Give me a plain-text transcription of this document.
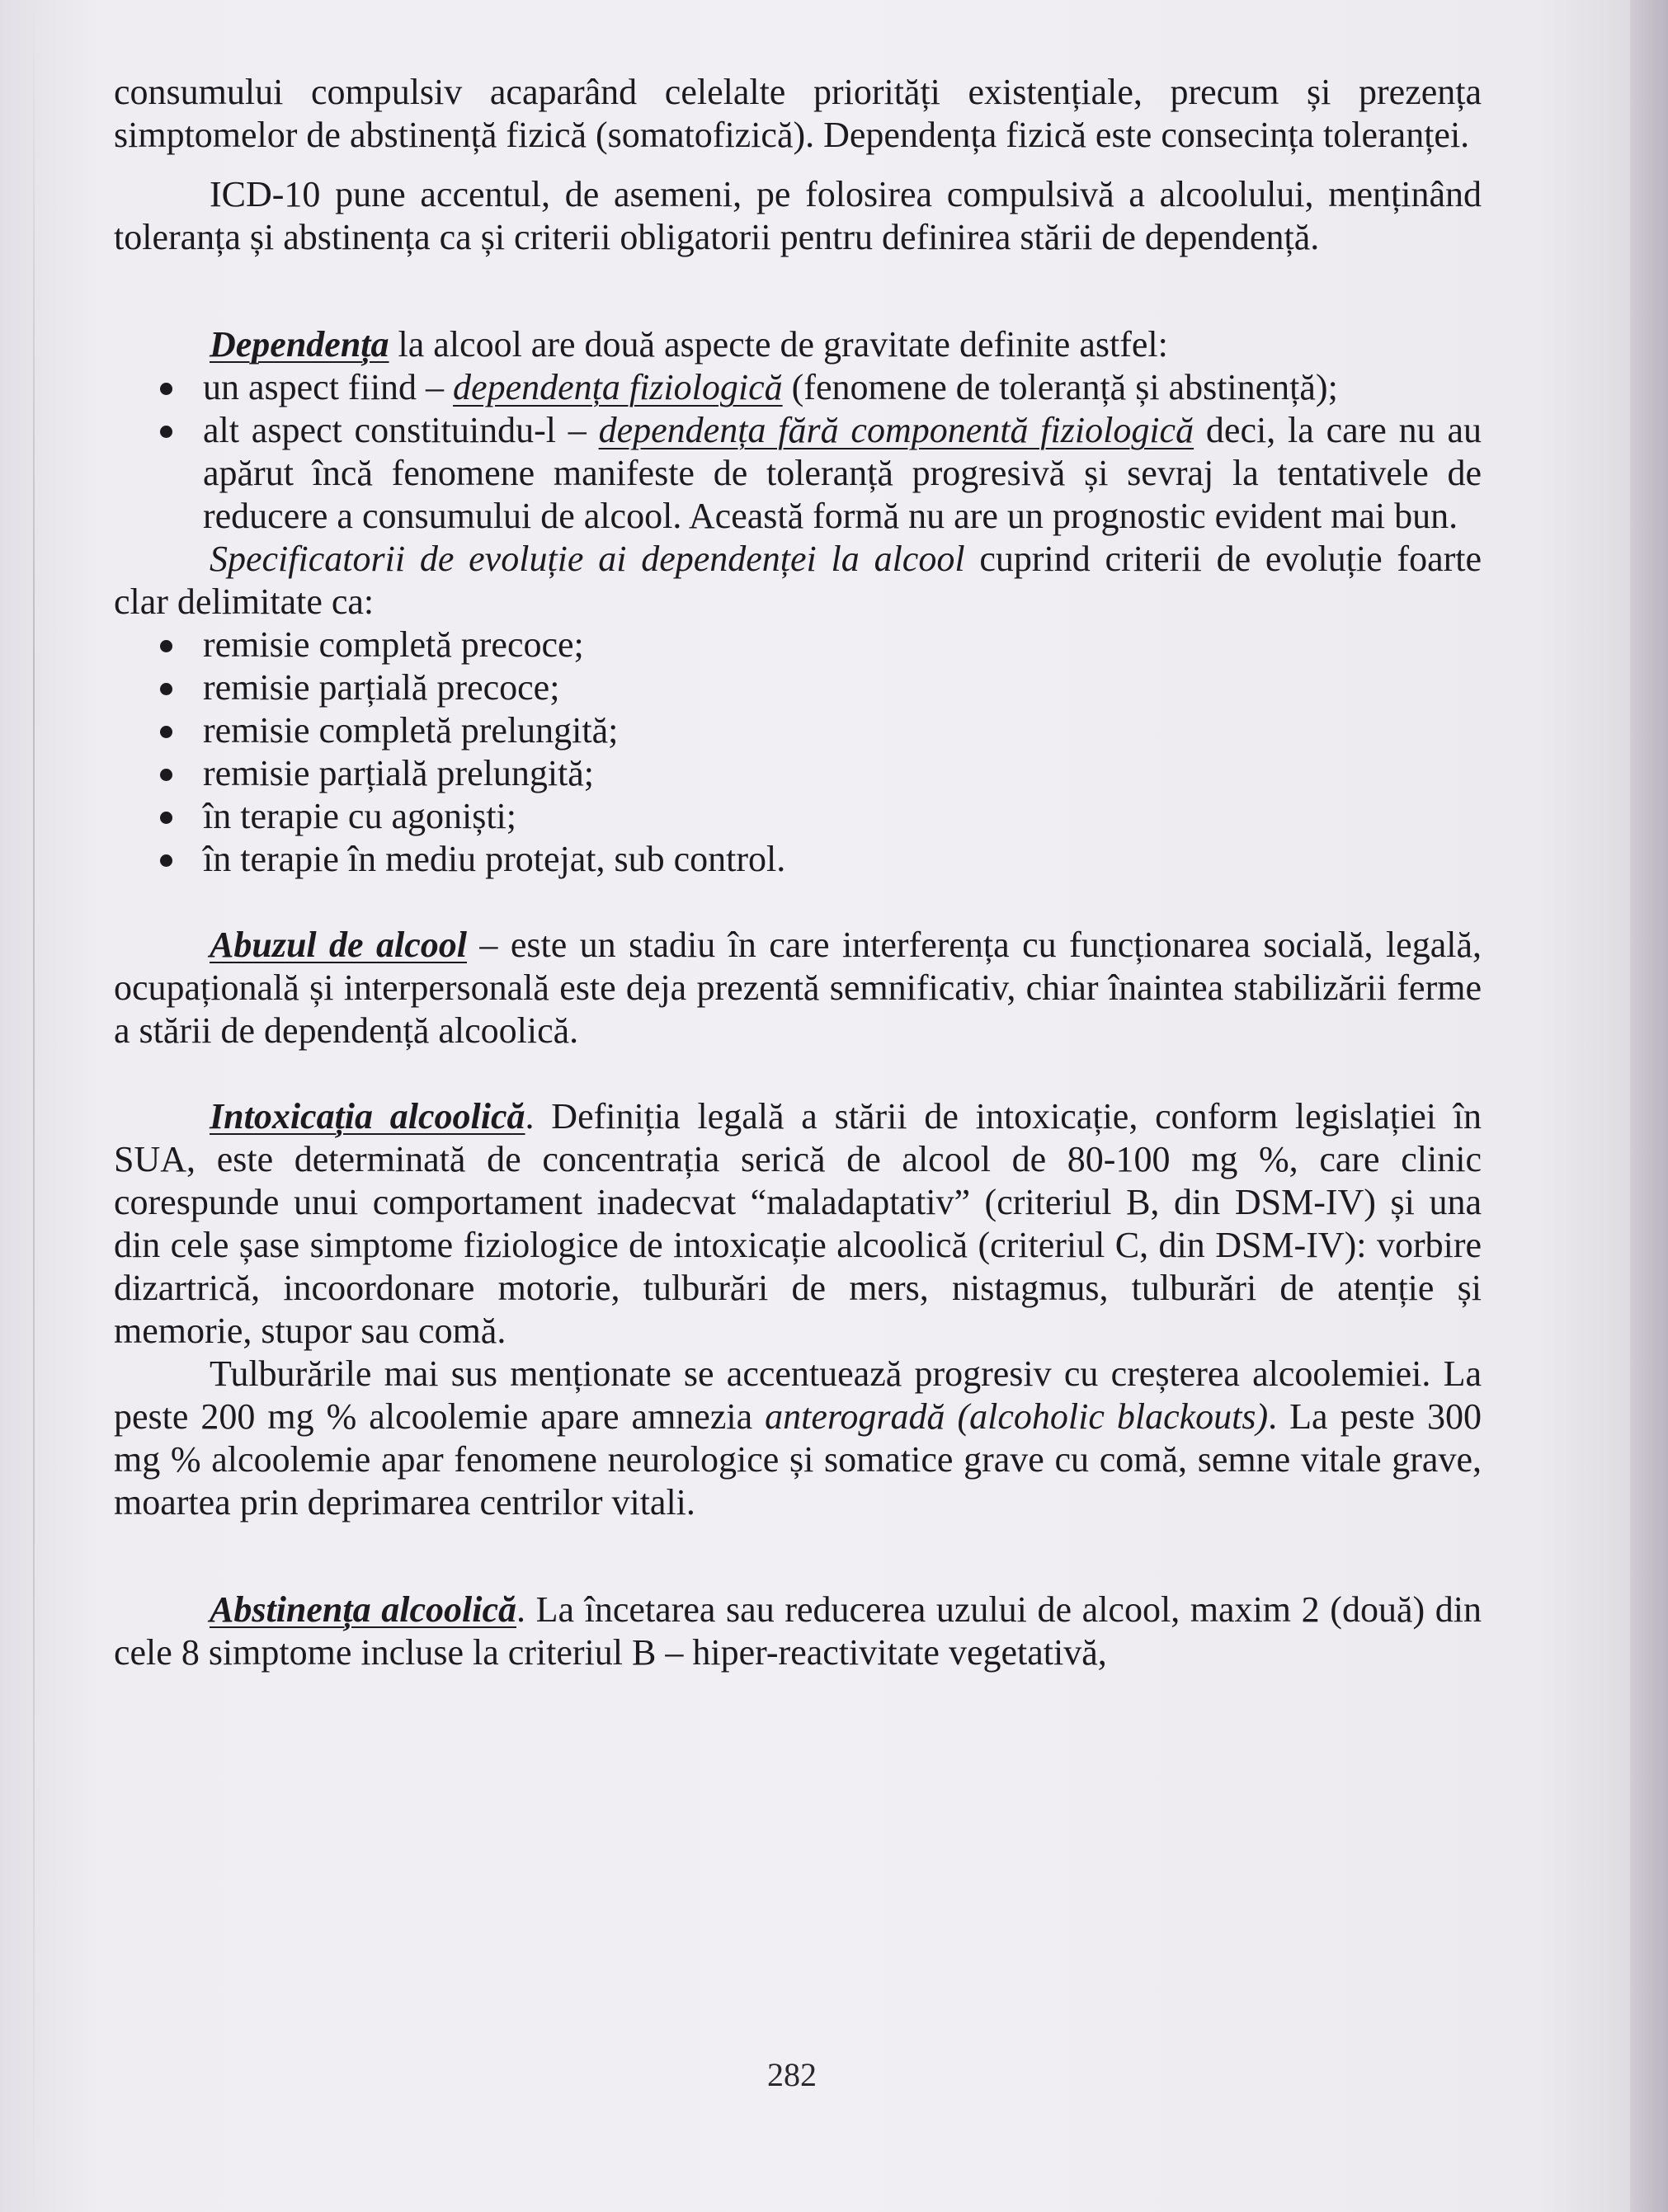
consumului compulsiv acaparând celelalte priorități existențiale, precum și prezența simptomelor de abstinență fizică (somatofizică). Dependența fizică este consecința toleranței.

ICD-10 pune accentul, de asemeni, pe folosirea compulsivă a alcoolului, menținând toleranța și abstinența ca și criterii obligatorii pentru definirea stării de dependență.

Dependența la alcool are două aspecte de gravitate definite astfel:

un aspect fiind – dependența fiziologică (fenomene de toleranță și abstinență);
alt aspect constituindu-l – dependența fără componentă fiziologică deci, la care nu au apărut încă fenomene manifeste de toleranță progresivă și sevraj la tentativele de reducere a consumului de alcool. Această formă nu are un prognostic evident mai bun.

Specificatorii de evoluție ai dependenței la alcool cuprind criterii de evoluție foarte clar delimitate ca:

remisie completă precoce;
remisie parțială precoce;
remisie completă prelungită;
remisie parțială prelungită;
în terapie cu agoniști;
în terapie în mediu protejat, sub control.

Abuzul de alcool – este un stadiu în care interferența cu funcționarea socială, legală, ocupațională și interpersonală este deja prezentă semnificativ, chiar înaintea stabilizării ferme a stării de dependență alcoolică.

Intoxicația alcoolică. Definiția legală a stării de intoxicație, conform legislației în SUA, este determinată de concentrația serică de alcool de 80-100 mg %, care clinic corespunde unui comportament inadecvat “maladaptativ” (criteriul B, din DSM-IV) și una din cele șase simptome fiziologice de intoxicație alcoolică (criteriul C, din DSM-IV): vorbire dizartrică, incoordonare motorie, tulburări de mers, nistagmus, tulburări de atenție și memorie, stupor sau comă.

Tulburările mai sus menționate se accentuează progresiv cu creșterea alcoolemiei. La peste 200 mg % alcoolemie apare amnezia anterogradă (alcoholic blackouts). La peste 300 mg % alcoolemie apar fenomene neurologice și somatice grave cu comă, semne vitale grave, moartea prin deprimarea centrilor vitali.

Abstinența alcoolică. La încetarea sau reducerea uzului de alcool, maxim 2 (două) din cele 8 simptome incluse la criteriul B – hiper-reactivitate vegetativă,

282
